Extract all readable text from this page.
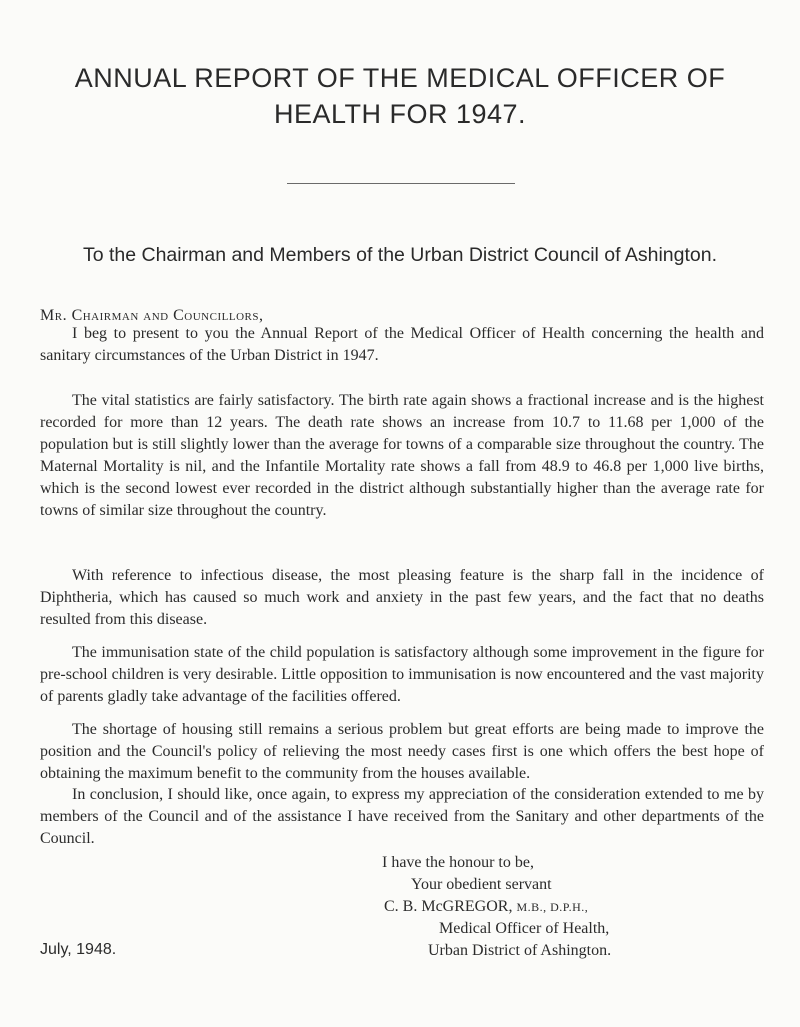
ANNUAL REPORT OF THE MEDICAL OFFICER OF
HEALTH FOR 1947.
To the Chairman and Members of the Urban District Council of Ashington.
Mr. Chairman and Councillors,

I beg to present to you the Annual Report of the Medical Officer of Health concerning the health and sanitary circumstances of the Urban District in 1947.

The vital statistics are fairly satisfactory. The birth rate again shows a fractional increase and is the highest recorded for more than 12 years. The death rate shows an increase from 10.7 to 11.68 per 1,000 of the population but is still slightly lower than the average for towns of a comparable size throughout the country. The Maternal Mortality is nil, and the Infantile Mortality rate shows a fall from 48.9 to 46.8 per 1,000 live births, which is the second lowest ever recorded in the district although substantially higher than the average rate for towns of similar size throughout the country.

With reference to infectious disease, the most pleasing feature is the sharp fall in the incidence of Diphtheria, which has caused so much work and anxiety in the past few years, and the fact that no deaths resulted from this disease.

The immunisation state of the child population is satisfactory although some improvement in the figure for pre-school children is very desirable. Little opposition to immunisation is now encountered and the vast majority of parents gladly take advantage of the facilities offered.

The shortage of housing still remains a serious problem but great efforts are being made to improve the position and the Council's policy of relieving the most needy cases first is one which offers the best hope of obtaining the maximum benefit to the community from the houses available.

In conclusion, I should like, once again, to express my appreciation of the consideration extended to me by members of the Council and of the assistance I have received from the Sanitary and other departments of the Council.

I have the honour to be,
Your obedient servant
C. B. McGREGOR, M.B., D.P.H.,
Medical Officer of Health,
Urban District of Ashington.
July, 1948.
